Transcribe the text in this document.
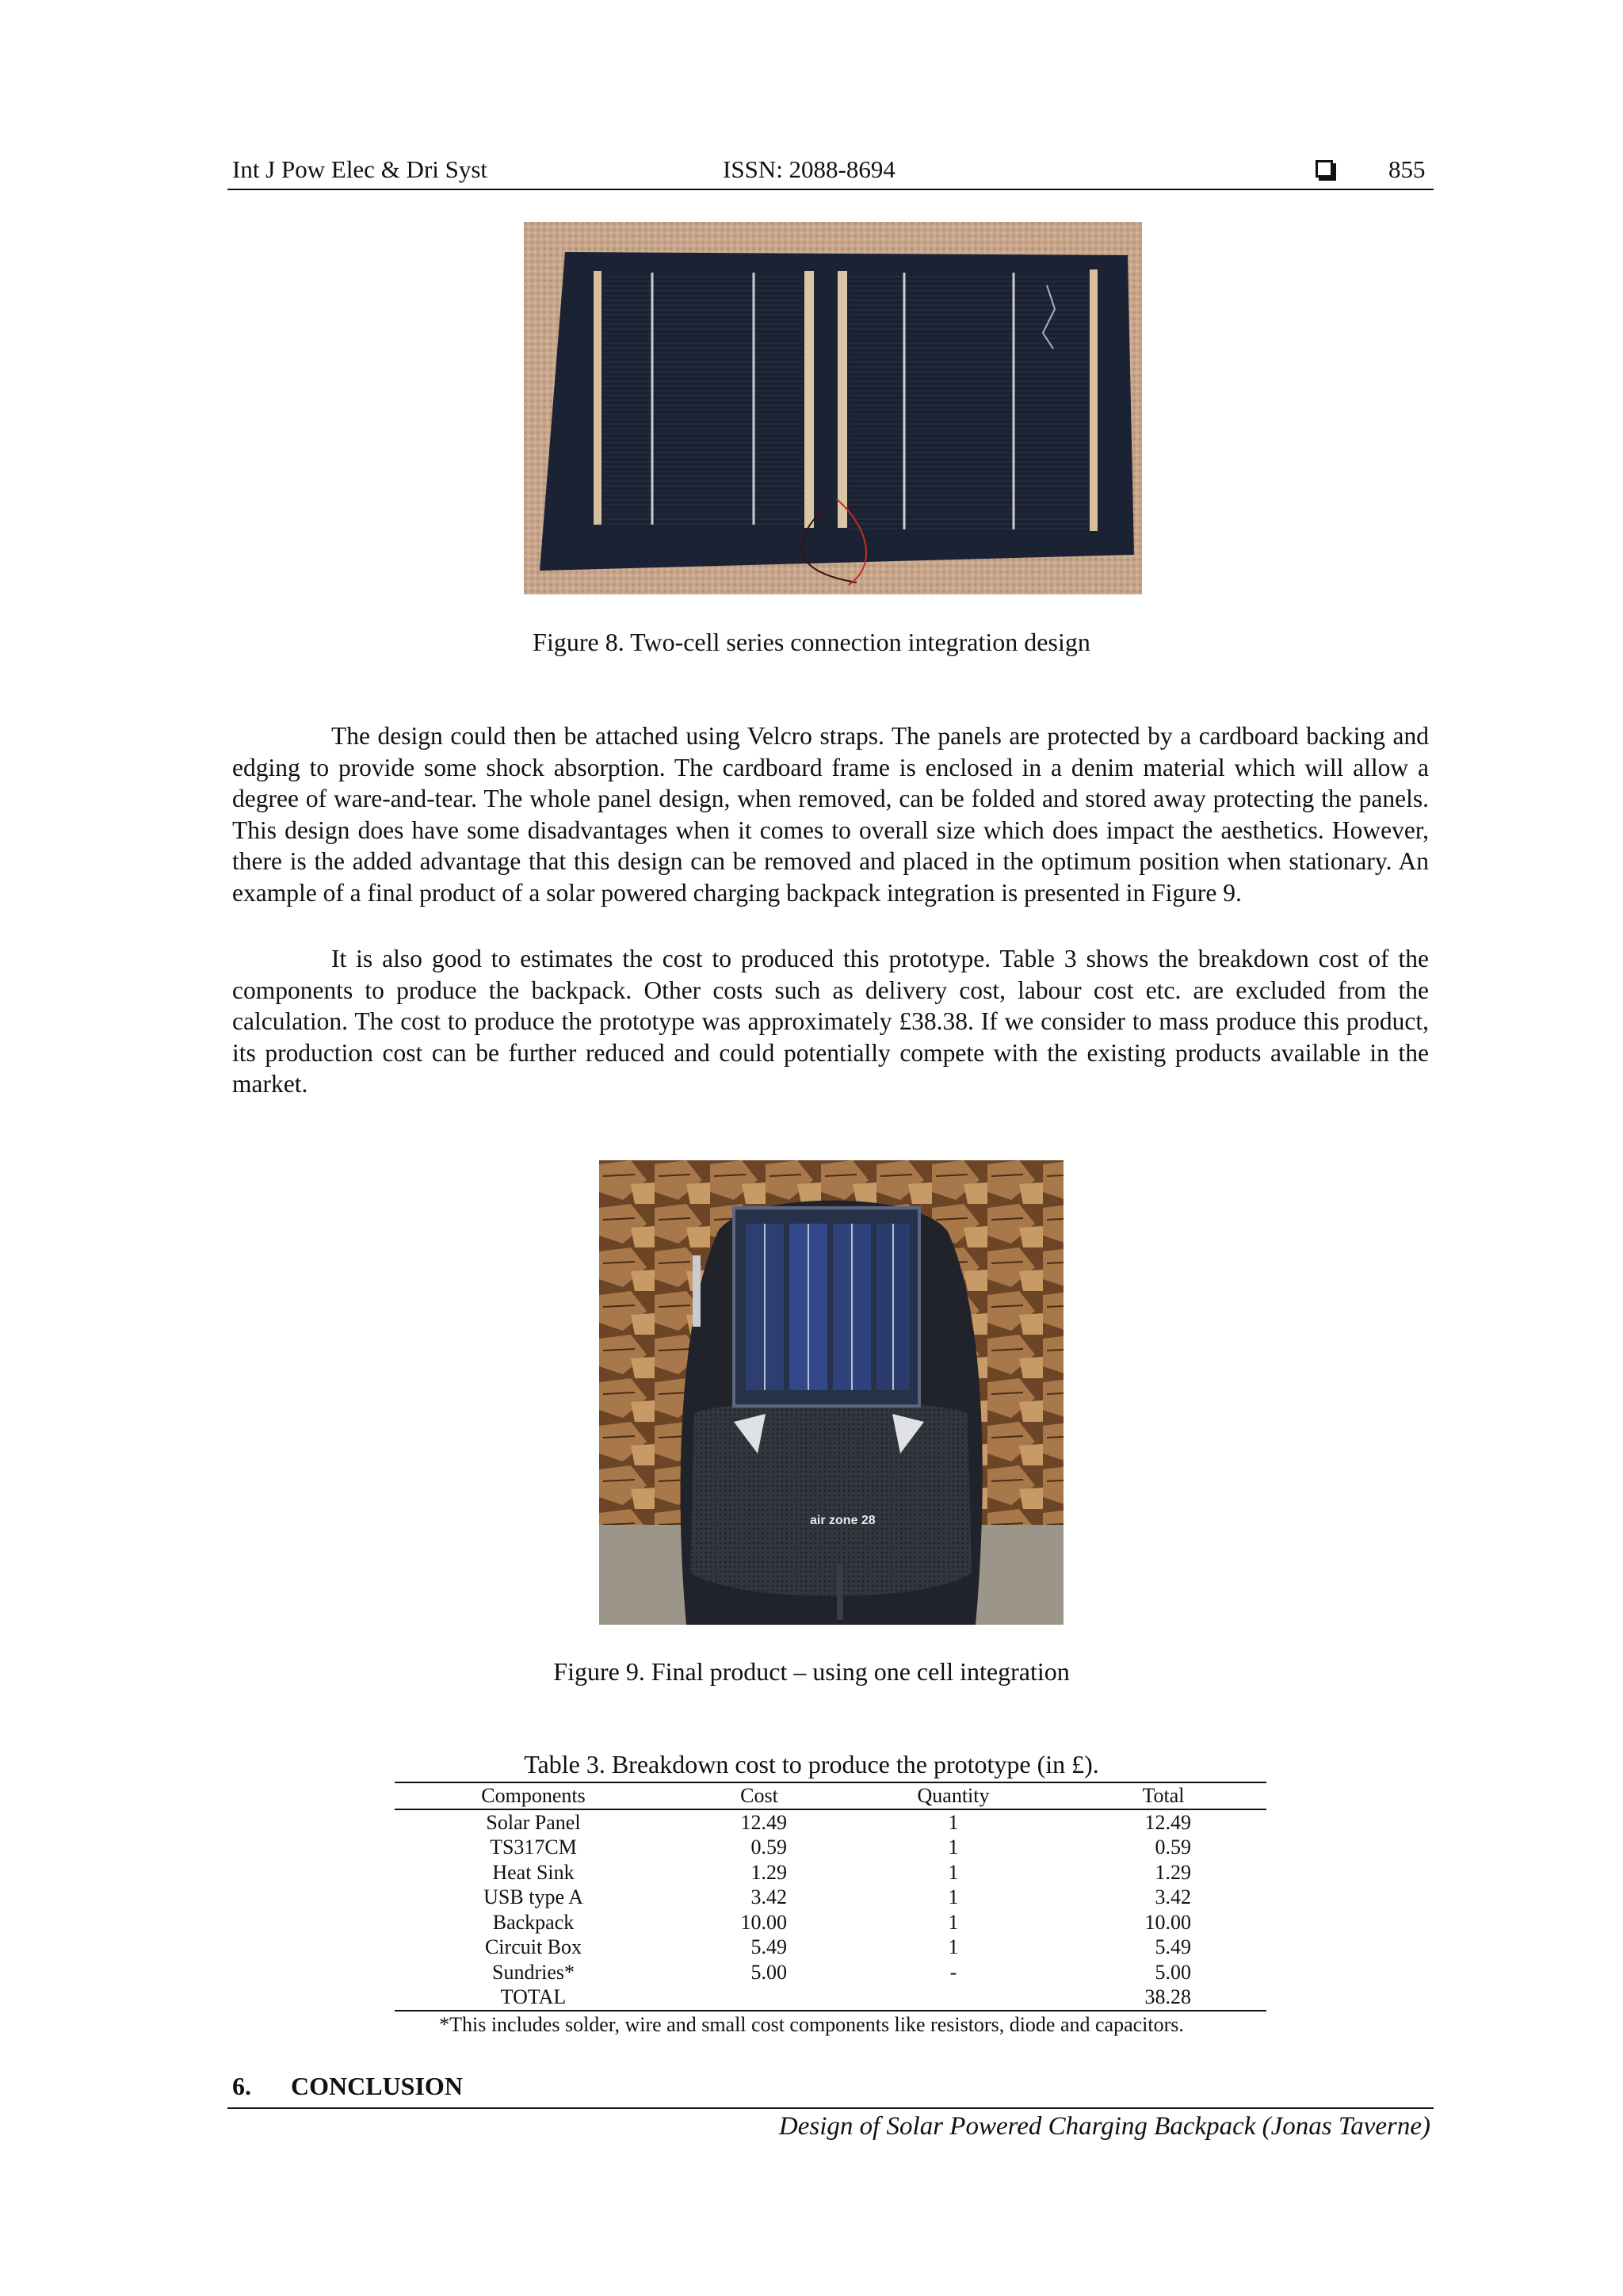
Int J Pow Elec & Dri Syst	ISSN: 2088-8694	855
Figure 8. Two-cell series connection integration design
The design could then be attached using Velcro straps. The panels are protected by a cardboard backing and edging to provide some shock absorption. The cardboard frame is enclosed in a denim material which will allow a degree of ware-and-tear. The whole panel design, when removed, can be folded and stored away protecting the panels. This design does have some disadvantages when it comes to overall size which does impact the aesthetics. However, there is the added advantage that this design can be removed and placed in the optimum position when stationary. An example of a final product of a solar powered charging backpack integration is presented in Figure 9.
It is also good to estimates the cost to produced this prototype. Table 3 shows the breakdown cost of the components to produce the backpack. Other costs such as delivery cost, labour cost etc. are excluded from the calculation. The cost to produce the prototype was approximately £38.38. If we consider to mass produce this product, its production cost can be further reduced and could potentially compete with the existing products available in the market.
air zone 28
Figure 9. Final product – using one cell integration
Table 3. Breakdown cost to produce the prototype (in £).
Components	Cost	Quantity	Total
Solar Panel	12.49	1	12.49
TS317CM	0.59	1	0.59
Heat Sink	1.29	1	1.29
USB type A	3.42	1	3.42
Backpack	10.00	1	10.00
Circuit Box	5.49	1	5.49
Sundries*	5.00	-	5.00
TOTAL			38.28
*This includes solder, wire and small cost components like resistors, diode and capacitors.
6. CONCLUSION
Design of Solar Powered Charging Backpack (Jonas Taverne)
